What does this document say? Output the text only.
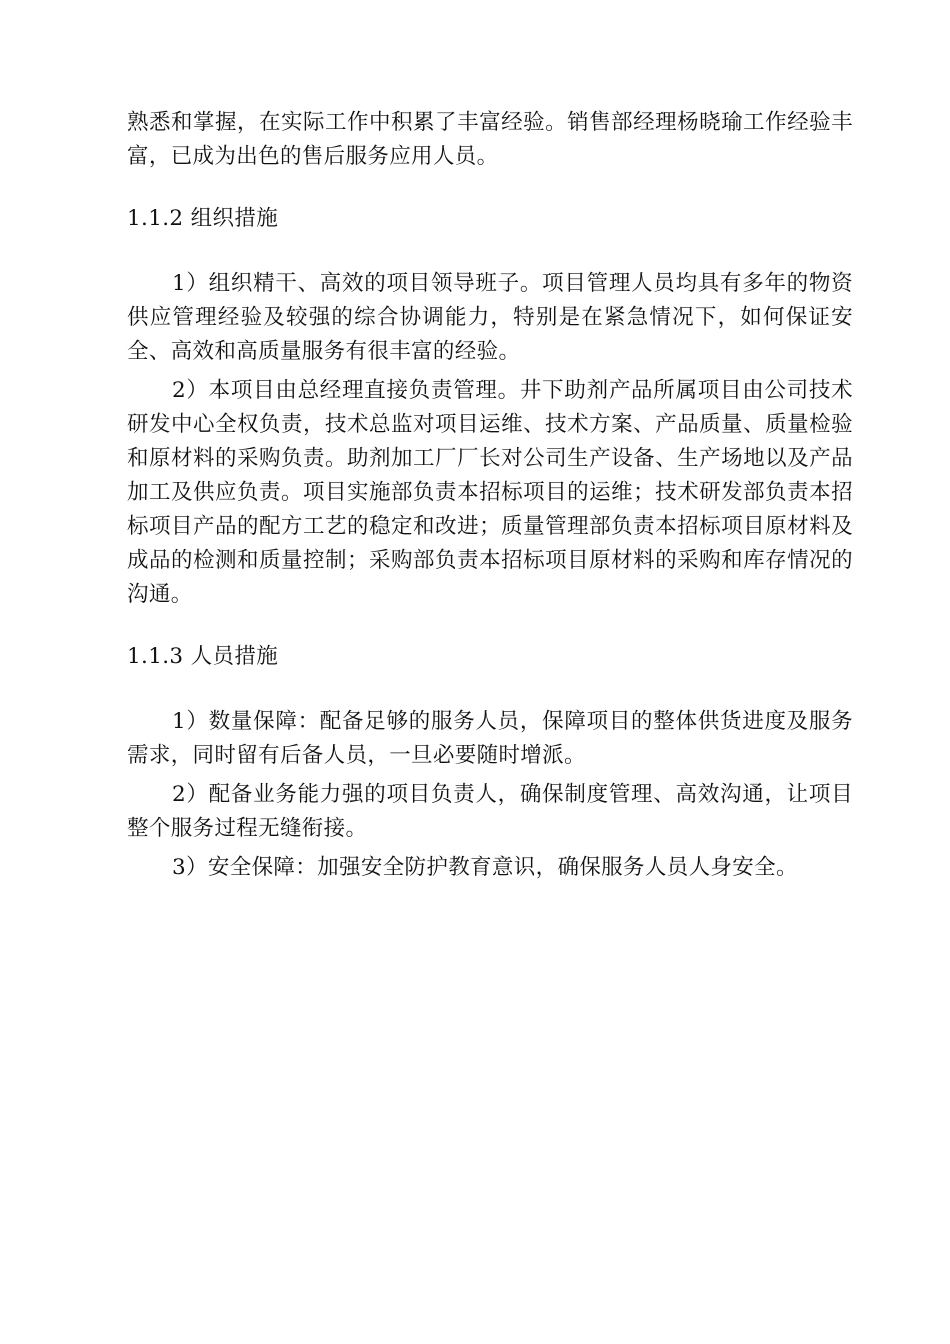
熟悉和掌握，在实际工作中积累了丰富经验。销售部经理杨晓瑜工作经验丰富，已成为出色的售后服务应用人员。

1.1.2 组织措施

1）组织精干、高效的项目领导班子。项目管理人员均具有多年的物资供应管理经验及较强的综合协调能力，特别是在紧急情况下，如何保证安全、高效和高质量服务有很丰富的经验。

2）本项目由总经理直接负责管理。井下助剂产品所属项目由公司技术研发中心全权负责，技术总监对项目运维、技术方案、产品质量、质量检验和原材料的采购负责。助剂加工厂厂长对公司生产设备、生产场地以及产品加工及供应负责。项目实施部负责本招标项目的运维；技术研发部负责本招标项目产品的配方工艺的稳定和改进；质量管理部负责本招标项目原材料及成品的检测和质量控制；采购部负责本招标项目原材料的采购和库存情况的沟通。

1.1.3 人员措施

1）数量保障：配备足够的服务人员，保障项目的整体供货进度及服务需求，同时留有后备人员，一旦必要随时增派。

2）配备业务能力强的项目负责人，确保制度管理、高效沟通，让项目整个服务过程无缝衔接。

3）安全保障：加强安全防护教育意识，确保服务人员人身安全。
